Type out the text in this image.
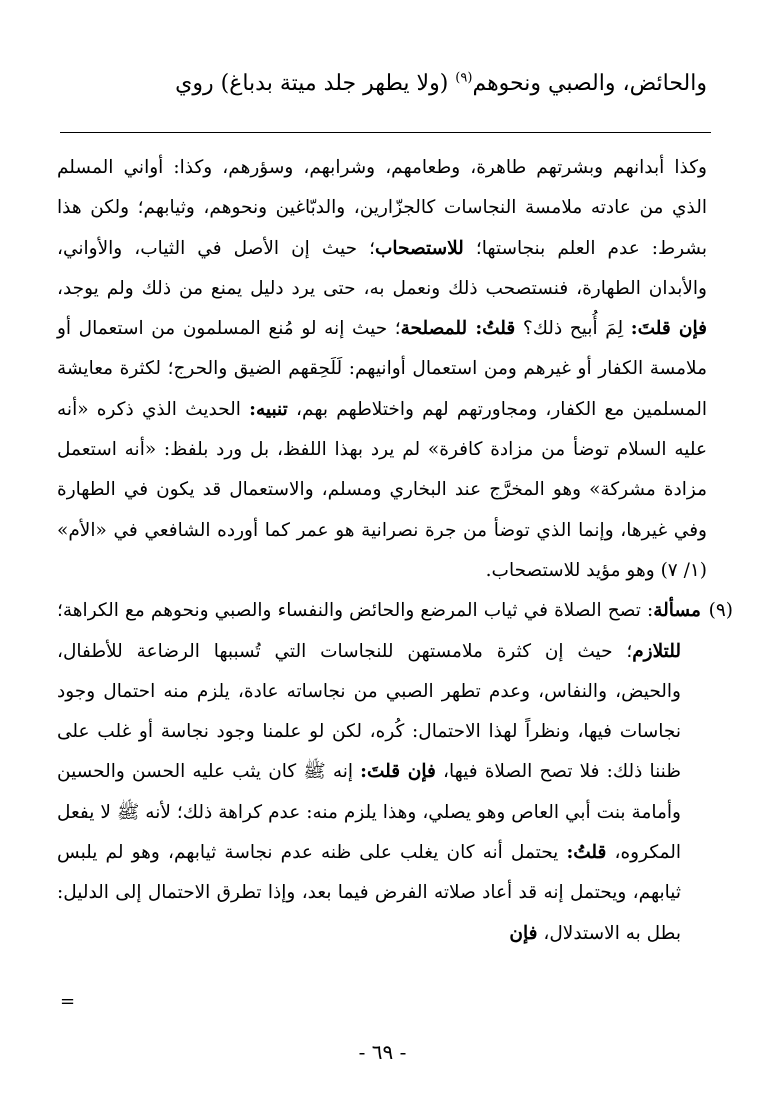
والحائض، والصبي ونحوهم$^{(٩)}$ (ولا يطهر جلد ميتة بدباغ) روي

وكذا أبدانهم وبشرتهم طاهرة، وطعامهم، وشرابهم، وسؤرهم، وكذا: أواني المسلم الذي من عادته ملامسة النجاسات كالجزّارين، والدبّاغين ونحوهم، وثيابهم؛ ولكن هذا بشرط: عدم العلم بنجاستها؛ للاستصحاب؛ حيث إن الأصل في الثياب، والأواني، والأبدان الطهارة، فنستصحب ذلك ونعمل به، حتى يرد دليل يمنع من ذلك ولم يوجد، فإن قلتَ: لِمَ أُبيح ذلك؟ قلتُ: للمصلحة؛ حيث إنه لو مُنع المسلمون من استعمال أو ملامسة الكفار أو غيرهم ومن استعمال أوانيهم: لَلَحِقهم الضيق والحرج؛ لكثرة معايشة المسلمين مع الكفار، ومجاورتهم لهم واختلاطهم بهم، تنبيه: الحديث الذي ذكره «أنه عليه السلام توضأ من مزادة كافرة» لم يرد بهذا اللفظ، بل ورد بلفظ: «أنه استعمل مزادة مشركة» وهو المخرَّج عند البخاري ومسلم، والاستعمال قد يكون في الطهارة وفي غيرها، وإنما الذي توضأ من جرة نصرانية هو عمر كما أورده الشافعي في «الأم» (١/ ٧) وهو مؤيد للاستصحاب.

(٩) مسألة: تصح الصلاة في ثياب المرضع والحائض والنفساء والصبي ونحوهم مع الكراهة؛ للتلازم؛ حيث إن كثرة ملامستهن للنجاسات التي تُسببها الرضاعة للأطفال، والحيض، والنفاس، وعدم تطهر الصبي من نجاساته عادة، يلزم منه احتمال وجود نجاسات فيها، ونظراً لهذا الاحتمال: كُره، لكن لو علمنا وجود نجاسة أو غلب على ظننا ذلك: فلا تصح الصلاة فيها، فإن قلتَ: إنه ﷺ كان يثب عليه الحسن والحسين وأمامة بنت أبي العاص وهو يصلي، وهذا يلزم منه: عدم كراهة ذلك؛ لأنه ﷺ لا يفعل المكروه، قلتُ: يحتمل أنه كان يغلب على ظنه عدم نجاسة ثيابهم، وهو لم يلبس ثيابهم، ويحتمل إنه قد أعاد صلاته الفرض فيما بعد، وإذا تطرق الاحتمال إلى الدليل: بطل به الاستدلال، فإن

=
- ٦٩ -
